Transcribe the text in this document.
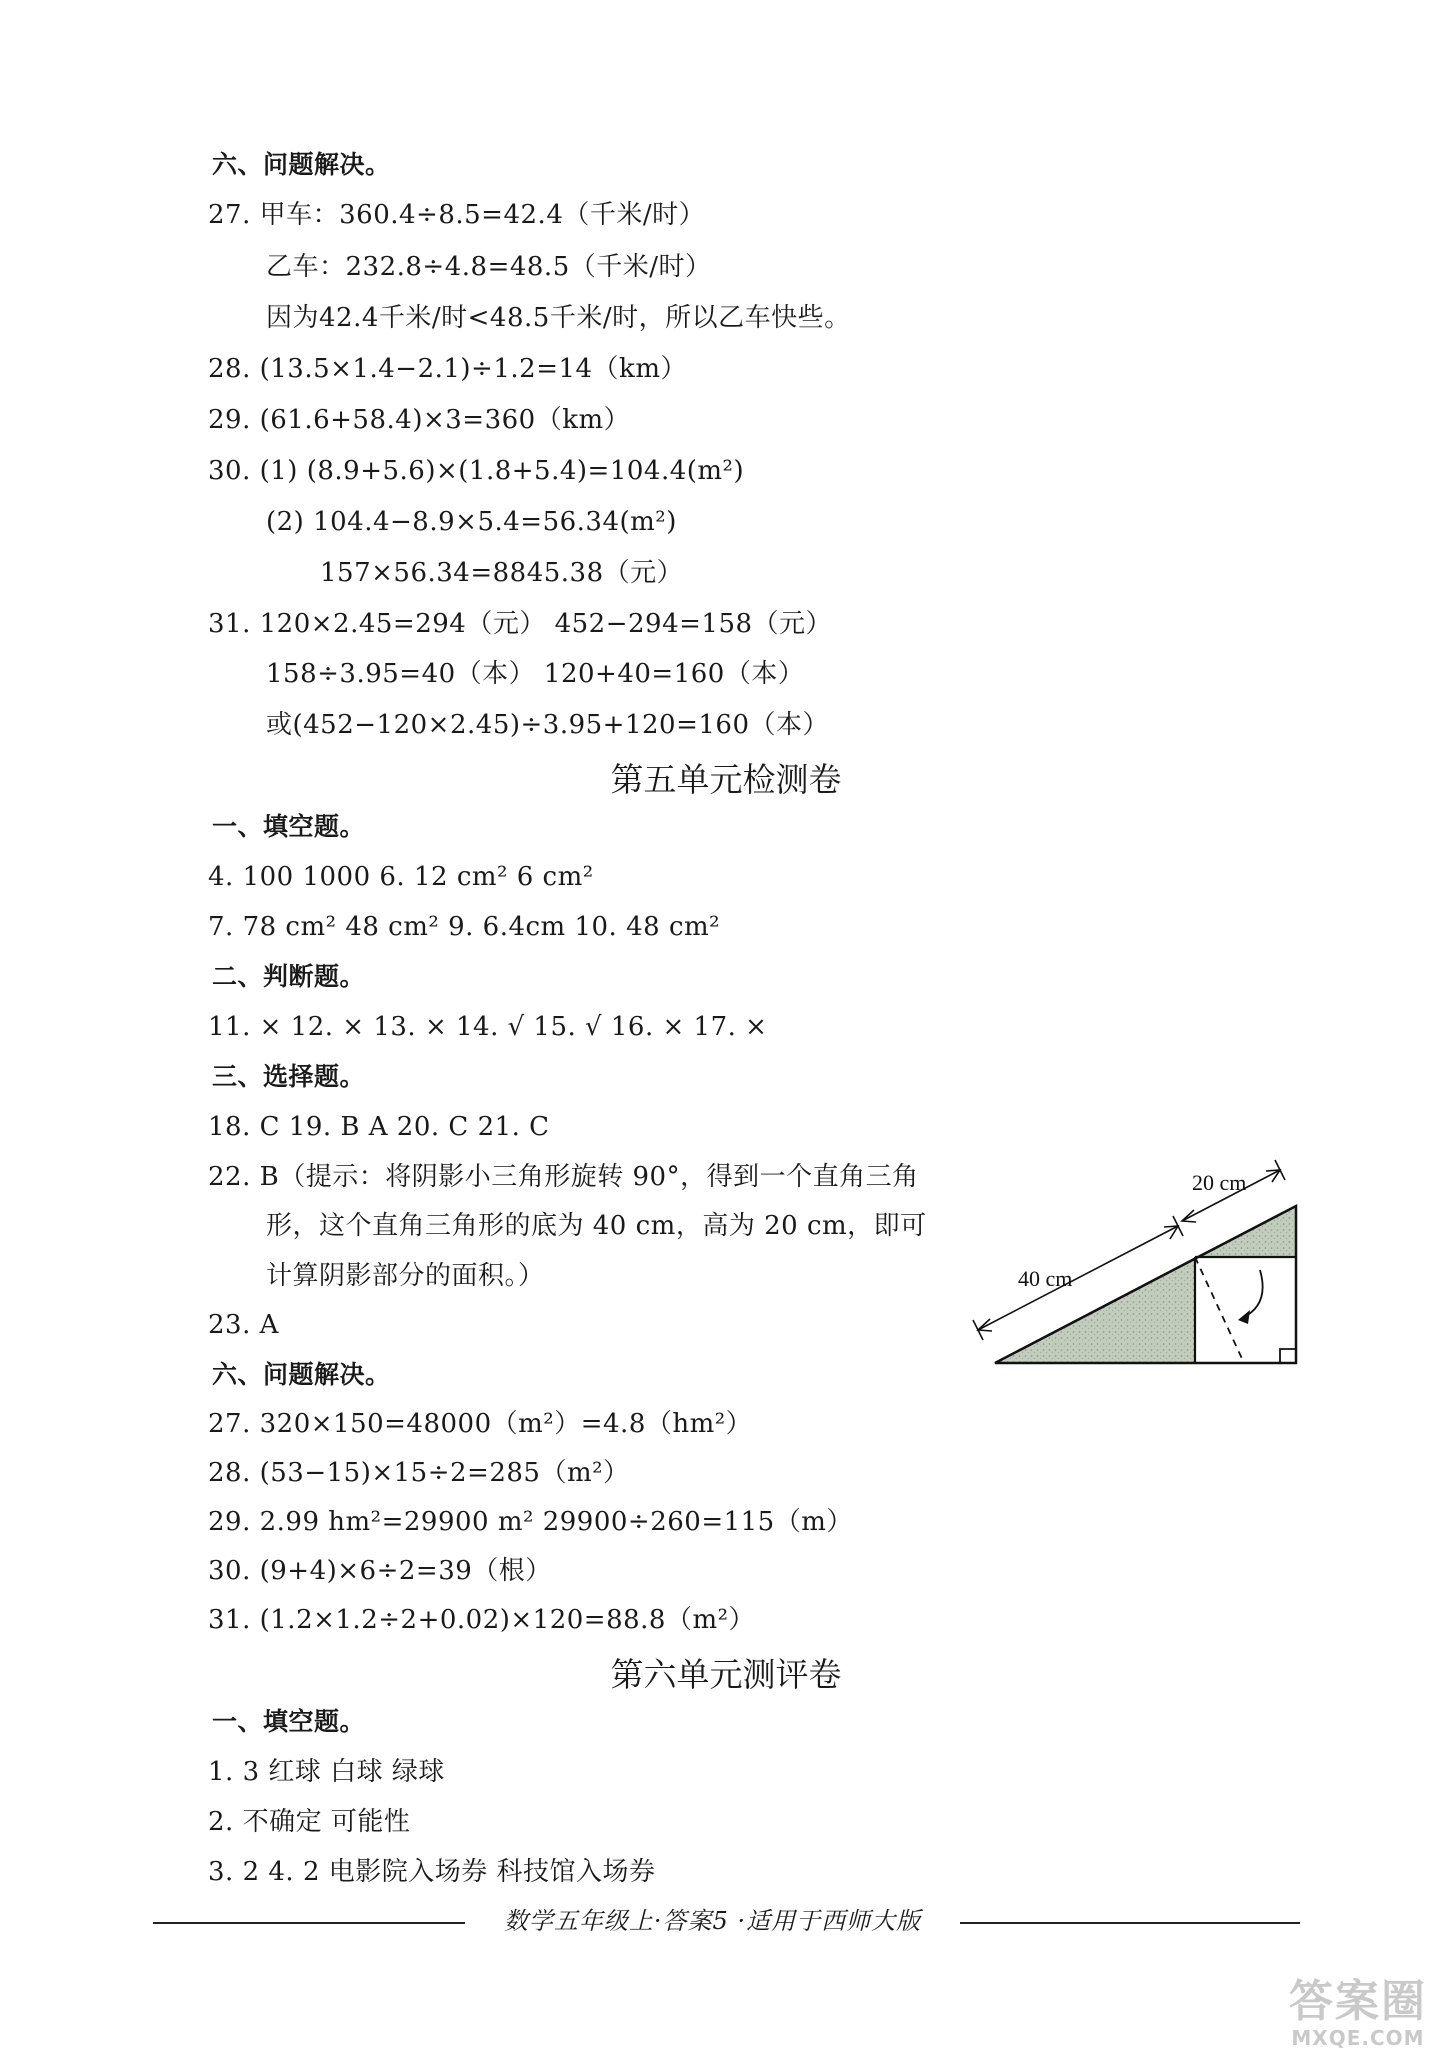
六、问题解决。
27. 甲车：360.4÷8.5=42.4（千米/时）
乙车：232.8÷4.8=48.5（千米/时）
因为42.4千米/时<48.5千米/时，所以乙车快些。
28. (13.5×1.4−2.1)÷1.2=14（km）
29. (61.6+58.4)×3=360（km）
30. (1) (8.9+5.6)×(1.8+5.4)=104.4(m²)
(2) 104.4−8.9×5.4=56.34(m²)
157×56.34=8845.38（元）
31. 120×2.45=294（元） 452−294=158（元）
158÷3.95=40（本） 120+40=160（本）
或(452−120×2.45)÷3.95+120=160（本）
第五单元检测卷
一、填空题。
4. 100 1000 6. 12 cm² 6 cm²
7. 78 cm² 48 cm² 9. 6.4cm 10. 48 cm²
二、判断题。
11. × 12. × 13. × 14. √ 15. √ 16. × 17. ×
三、选择题。
18. C 19. B A 20. C 21. C
22. B（提示：将阴影小三角形旋转 90°，得到一个直角三角
形，这个直角三角形的底为 40 cm，高为 20 cm，即可
计算阴影部分的面积。）
23. A
六、问题解决。
27. 320×150=48000（m²）=4.8（hm²）
28. (53−15)×15÷2=285（m²）
29. 2.99 hm²=29900 m² 29900÷260=115（m）
30. (9+4)×6÷2=39（根）
31. (1.2×1.2÷2+0.02)×120=88.8（m²）
40 cm
20 cm
第六单元测评卷
一、填空题。
1. 3 红球 白球 绿球
2. 不确定 可能性
3. 2 4. 2 电影院入场券 科技馆入场券
数学五年级上·答案5 ·适用于西师大版
答案圈
MXQE.COM
